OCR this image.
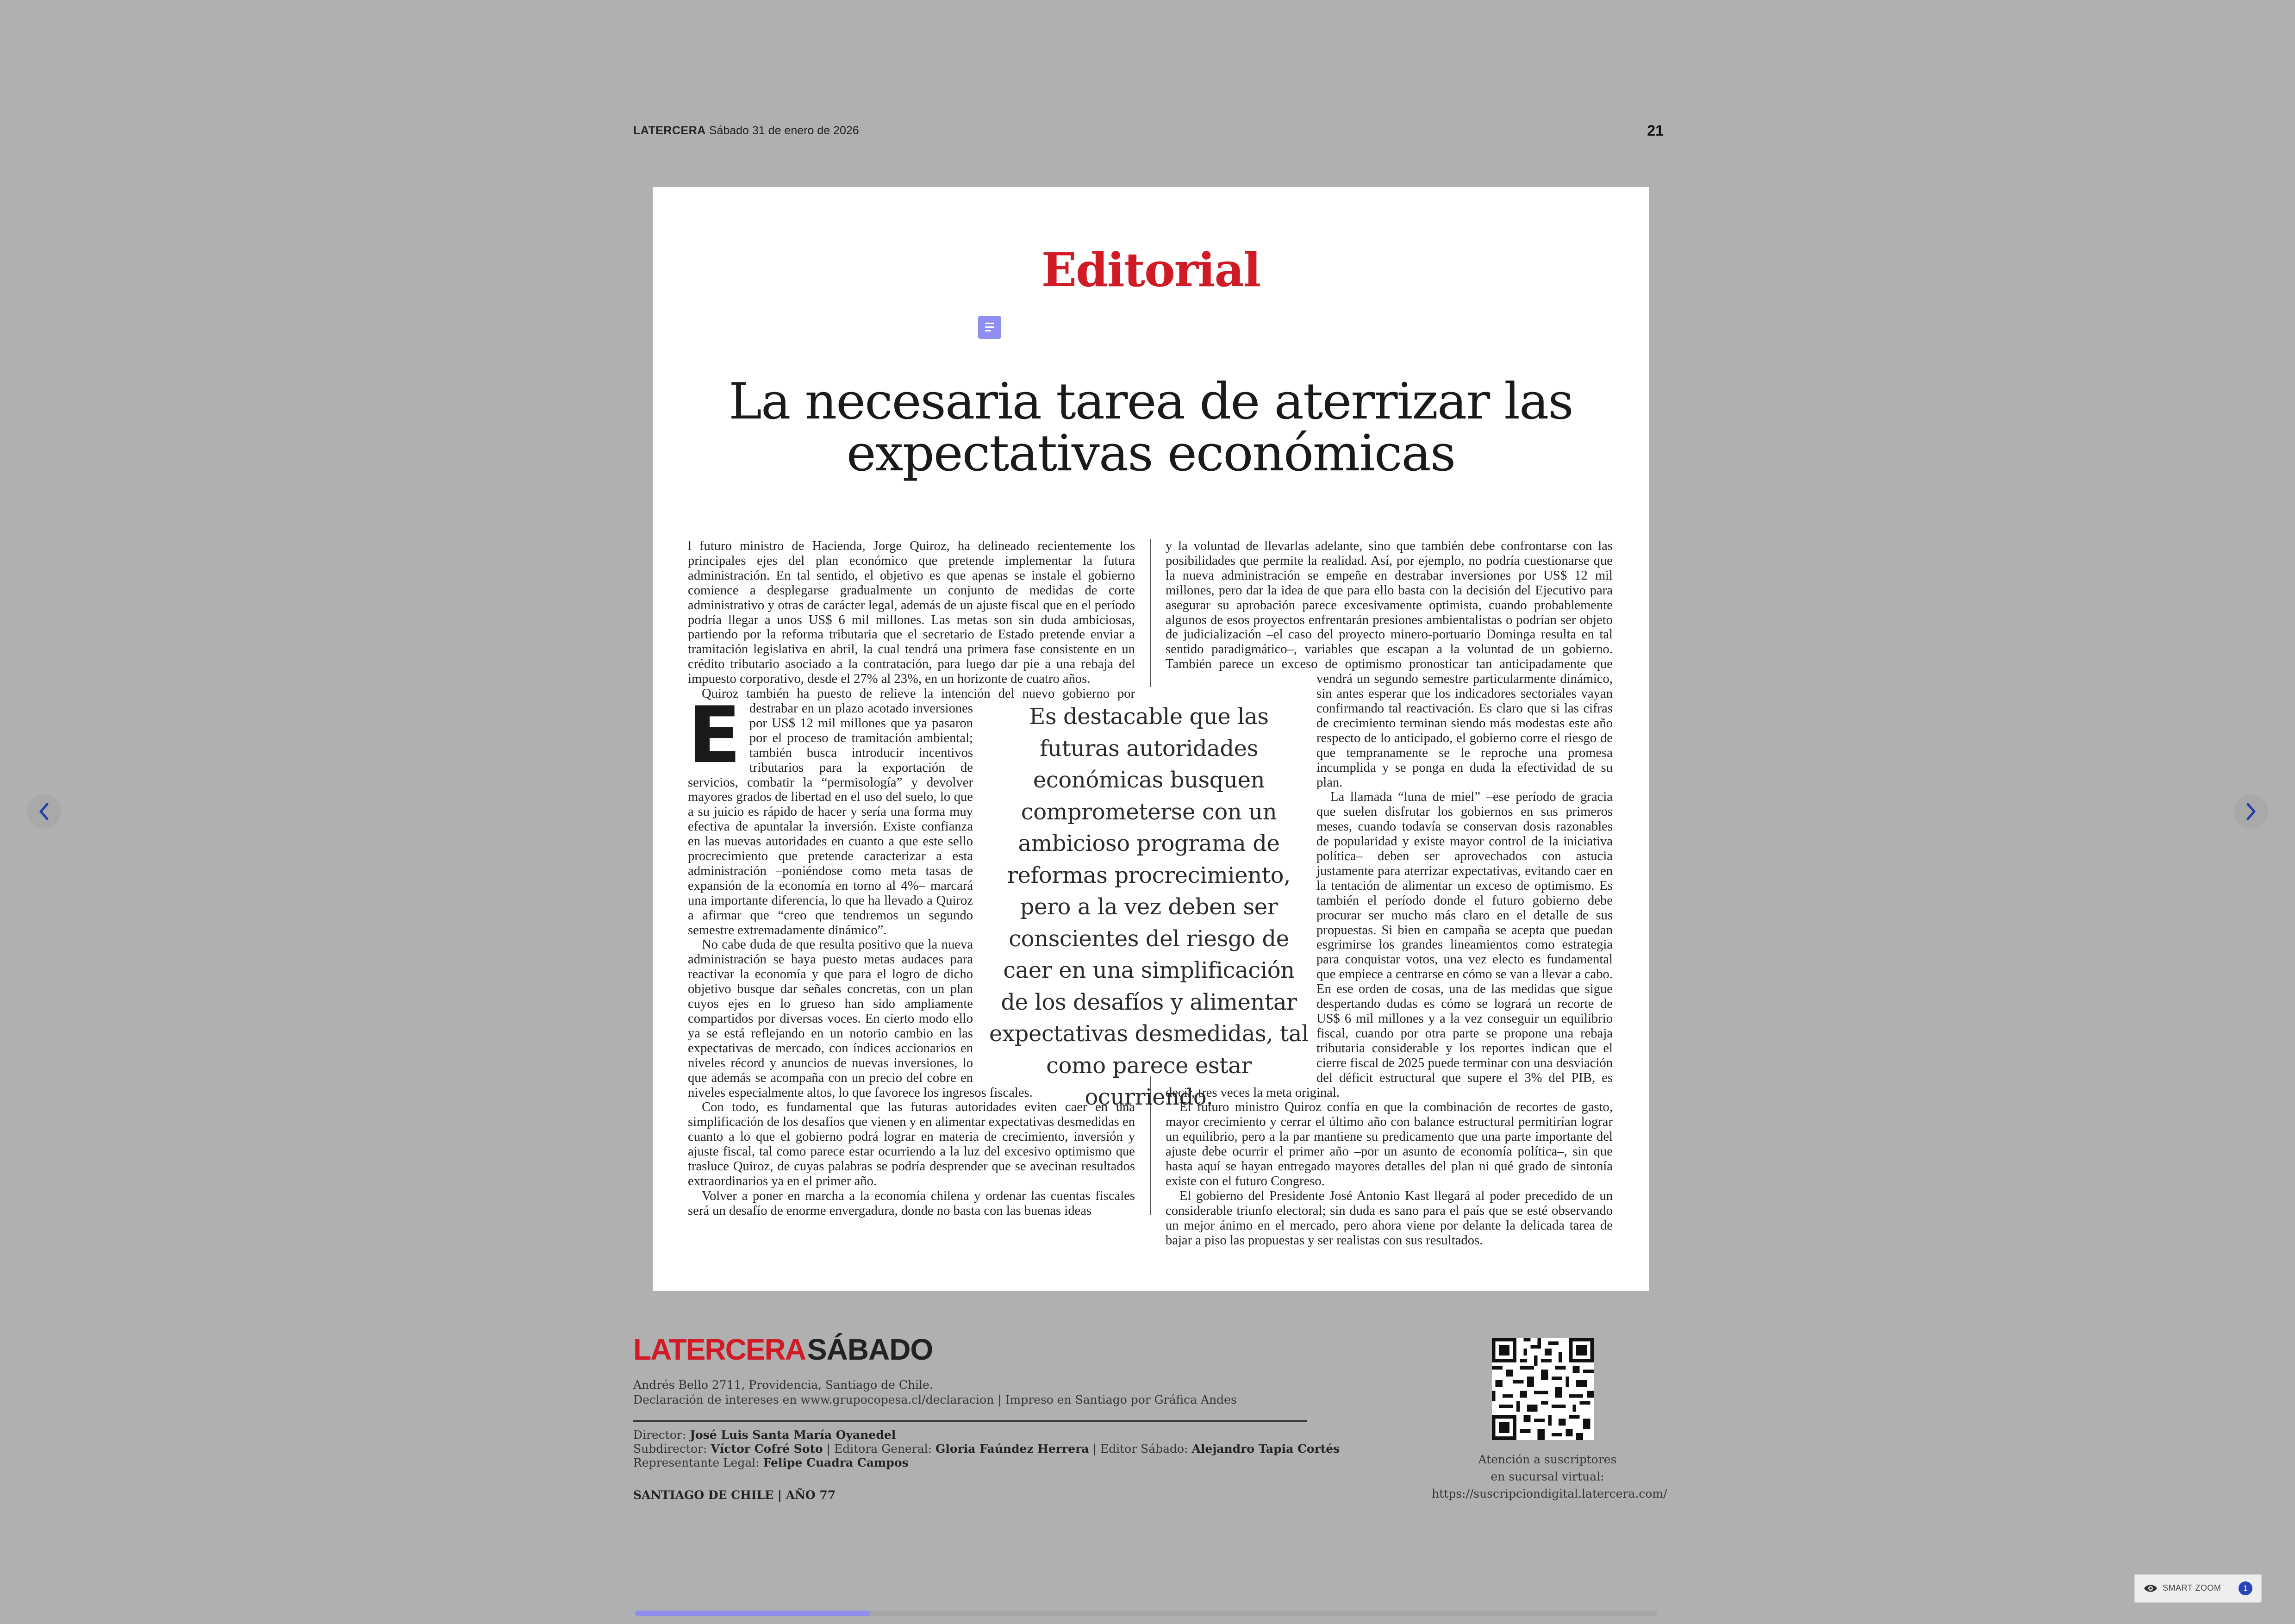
LATERCERA Sábado 31 de enero de 2026	21
Editorial
La necesaria tarea de aterrizar las
expectativas económicas

E
l futuro ministro de Hacienda, Jorge Quiroz, ha delineado recientemente los principales ejes del plan económico que pretende implementar la futura administración. En tal sentido, el objetivo es que apenas se instale el gobierno comience a desplegarse gradualmente un conjunto de medidas de corte administrativo y otras de carácter legal, además de un ajuste fiscal que en el período podría llegar a unos US$ 6 mil millones. Las metas son sin duda ambiciosas, partiendo por la reforma tributaria que el secretario de Estado pretende enviar a tramitación legislativa en abril, la cual tendrá una primera fase consistente en un crédito tributario asociado a la contratación, para luego dar pie a una rebaja del impuesto corporativo, desde el 27% al 23%, en un horizonte de cuatro años.

Quiroz también ha puesto de relieve la intención del nuevo gobierno por destrabar en un plazo acotado inversiones por US$ 12 mil millones que ya pasaron por el proceso de tramitación ambiental; también busca introducir incentivos tributarios para la exportación de servicios, combatir la “permisología” y devolver mayores grados de libertad en el uso del suelo, lo que a su juicio es rápido de hacer y sería una forma muy efectiva de apuntalar la inversión. Existe confianza en las nuevas autoridades en cuanto a que este sello procrecimiento que pretende caracterizar a esta administración –poniéndose como meta tasas de expansión de la economía en torno al 4%– marcará una importante diferencia, lo que ha llevado a Quiroz a afirmar que “creo que tendremos un segundo semestre extremadamente dinámico”.

No cabe duda de que resulta positivo que la nueva administración se haya puesto metas audaces para reactivar la economía y que para el logro de dicho objetivo busque dar señales concretas, con un plan cuyos ejes en lo grueso han sido ampliamente compartidos por diversas voces. En cierto modo ello ya se está reflejando en un notorio cambio en las expectativas de mercado, con índices accionarios en niveles récord y anuncios de nuevas inversiones, lo que además se acompaña con un precio del cobre en niveles especialmente altos, lo que favorece los ingresos fiscales.

Con todo, es fundamental que las futuras autoridades eviten caer en una simplificación de los desafíos que vienen y en alimentar expectativas desmedidas en cuanto a lo que el gobierno podrá lograr en materia de crecimiento, inversión y ajuste fiscal, tal como parece estar ocurriendo a la luz del excesivo optimismo que trasluce Quiroz, de cuyas palabras se podría desprender que se avecinan resultados extraordinarios ya en el primer año.

Volver a poner en marcha a la economía chilena y ordenar las cuentas fiscales será un desafío de enorme envergadura, donde no basta con las buenas ideas

y la voluntad de llevarlas adelante, sino que también debe confrontarse con las posibilidades que permite la realidad. Así, por ejemplo, no podría cuestionarse que la nueva administración se empeñe en destrabar inversiones por US$ 12 mil millones, pero dar la idea de que para ello basta con la decisión del Ejecutivo para asegurar su aprobación parece excesivamente optimista, cuando probablemente algunos de esos proyectos enfrentarán presiones ambientalistas o podrían ser objeto de judicialización –el caso del proyecto minero-portuario Dominga resulta en tal sentido paradigmático–, variables que escapan a la voluntad de un gobierno. También parece un exceso de optimismo pronosticar tan anticipadamente que vendrá un segundo semestre particularmente dinámico, sin antes esperar que los indicadores sectoriales vayan confirmando tal reactivación. Es claro que si las cifras de crecimiento terminan siendo más modestas este año respecto de lo anticipado, el gobierno corre el riesgo de que tempranamente se le reproche una promesa incumplida y se ponga en duda la efectividad de su plan.

La llamada “luna de miel” –ese período de gracia que suelen disfrutar los gobiernos en sus primeros meses, cuando todavía se conservan dosis razonables de popularidad y existe mayor control de la iniciativa política– deben ser aprovechados con astucia justamente para aterrizar expectativas, evitando caer en la tentación de alimentar un exceso de optimismo. Es también el período donde el futuro gobierno debe procurar ser mucho más claro en el detalle de sus propuestas. Si bien en campaña se acepta que puedan esgrimirse los grandes lineamientos como estrategia para conquistar votos, una vez electo es fundamental que empiece a centrarse en cómo se van a llevar a cabo. En ese orden de cosas, una de las medidas que sigue despertando dudas es cómo se logrará un recorte de US$ 6 mil millones y a la vez conseguir un equilibrio fiscal, cuando por otra parte se propone una rebaja tributaria considerable y los reportes indican que el cierre fiscal de 2025 puede terminar con una desviación del déficit estructural que supere el 3% del PIB, es decir, tres veces la meta original.

El futuro ministro Quiroz confía en que la combinación de recortes de gasto, mayor crecimiento y cerrar el último año con balance estructural permitirían lograr un equilibrio, pero a la par mantiene su predicamento que una parte importante del ajuste debe ocurrir el primer año –por un asunto de economía política–, sin que hasta aquí se hayan entregado mayores detalles del plan ni qué grado de sintonía existe con el futuro Congreso.

El gobierno del Presidente José Antonio Kast llegará al poder precedido de un considerable triunfo electoral; sin duda es sano para el país que se esté observando un mejor ánimo en el mercado, pero ahora viene por delante la delicada tarea de bajar a piso las propuestas y ser realistas con sus resultados.

Es destacable que las futuras autoridades económicas busquen comprometerse con un ambicioso programa de reformas procrecimiento, pero a la vez deben ser conscientes del riesgo de caer en una simplificación de los desafíos y alimentar expectativas desmedidas, tal como parece estar ocurriendo.
LATERCERASÁBADO
Andrés Bello 2711, Providencia, Santiago de Chile.
Declaración de intereses en www.grupocopesa.cl/declaracion | Impreso en Santiago por Gráfica Andes
Director: José Luis Santa María Oyanedel
Subdirector: Víctor Cofré Soto | Editora General: Gloria Faúndez Herrera | Editor Sábado: Alejandro Tapia Cortés
Representante Legal: Felipe Cuadra Campos
SANTIAGO DE CHILE | AÑO 77
Atención a suscriptores
en sucursal virtual:
https://suscripciondigital.latercera.com/
SMART ZOOM	1
